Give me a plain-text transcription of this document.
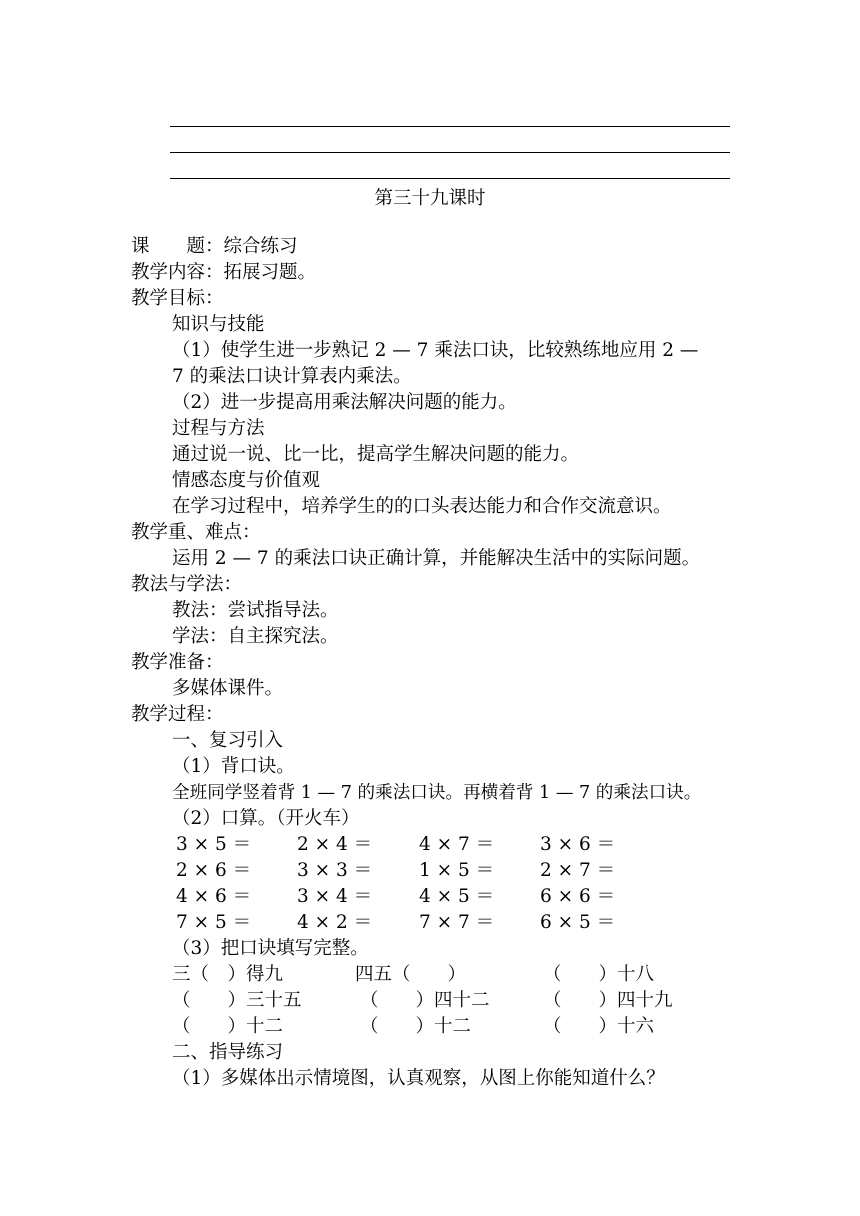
第三十九课时
课　　题：综合练习
教学内容：拓展习题。
教学目标：
知识与技能
（1）使学生进一步熟记 2 — 7 乘法口诀，比较熟练地应用 2 —
7 的乘法口诀计算表内乘法。
（2）进一步提高用乘法解决问题的能力。
过程与方法
通过说一说、比一比，提高学生解决问题的能力。
情感态度与价值观
在学习过程中，培养学生的的口头表达能力和合作交流意识。
教学重、难点：
运用 2 — 7 的乘法口诀正确计算，并能解决生活中的实际问题。
教法与学法：
教法：尝试指导法。
学法：自主探究法。
教学准备：
多媒体课件。
教学过程：
一、复习引入
（1）背口诀。
全班同学竖着背 1 — 7 的乘法口诀。再横着背 1 — 7 的乘法口诀。
（2）口算。（开火车）
3 × 5 ＝ 2 × 4 ＝	4 × 7 ＝ 3 × 6 ＝
2 × 6 ＝ 3 × 3 ＝	1 × 5 ＝ 2 × 7 ＝
4 × 6 ＝ 3 × 4 ＝	4 × 5 ＝ 6 × 6 ＝
7 × 5 ＝ 4 × 2 ＝	7 × 7 ＝ 6 × 5 ＝
（3）把口诀填写完整。
三（　）得九	四五（　　）	（　　）十八
（　　）三十五	（　　）四十二	（　　）四十九
（　　）十二	（　　）十二	（　　）十六
二、指导练习
（1）多媒体出示情境图，认真观察，从图上你能知道什么？
